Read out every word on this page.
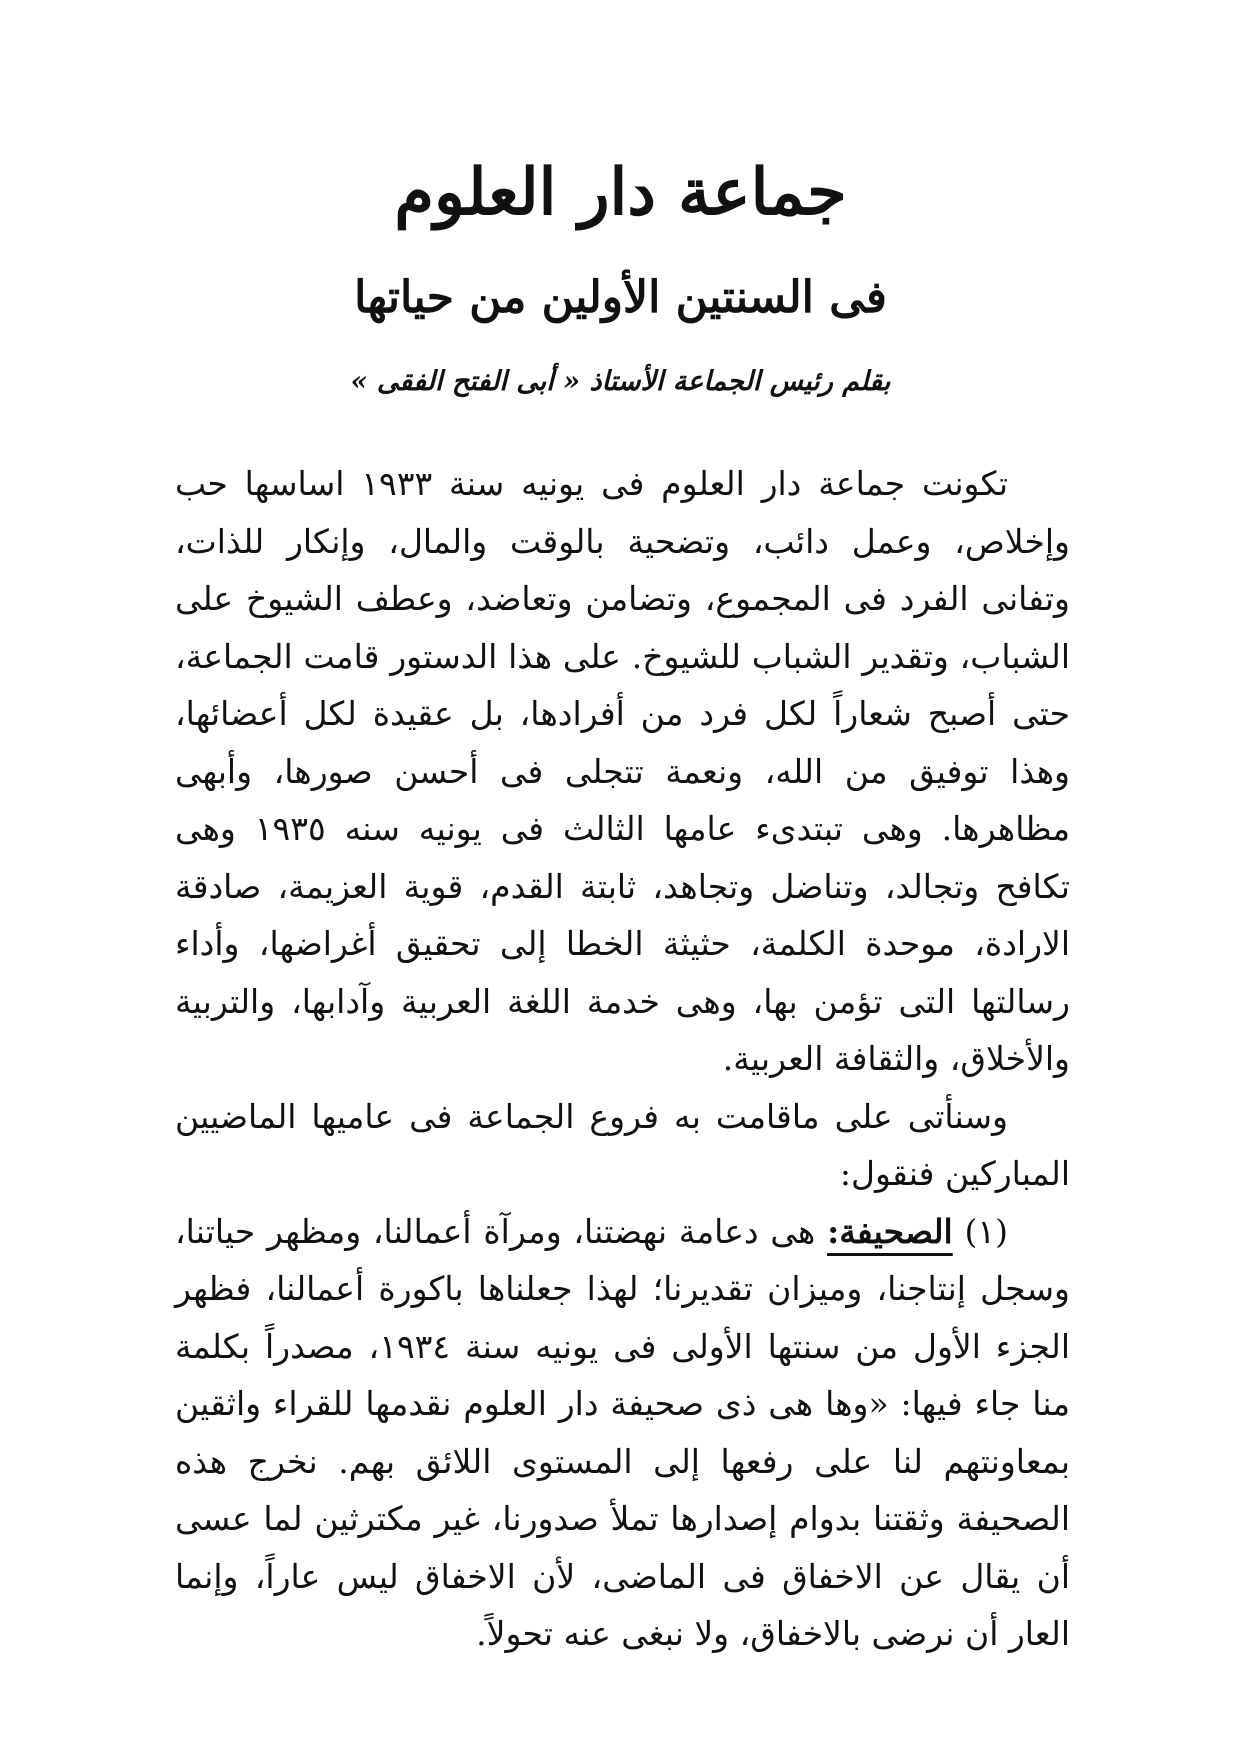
جماعة دار العلوم
فى السنتين الأولين من حياتها
بقلم رئيس الجماعة الأستاذ « أبى الفتح الفقى »

تكونت جماعة دار العلوم فى يونيه سنة ١٩٣٣ اساسها حب وإخلاص، وعمل دائب، وتضحية بالوقت والمال، وإنكار للذات، وتفانى الفرد فى المجموع، وتضامن وتعاضد، وعطف الشيوخ على الشباب، وتقدير الشباب للشيوخ. على هذا الدستور قامت الجماعة، حتى أصبح شعاراً لكل فرد من أفرادها، بل عقيدة لكل أعضائها، وهذا توفيق من الله، ونعمة تتجلى فى أحسن صورها، وأبهى مظاهرها. وهى تبتدىء عامها الثالث فى يونيه سنه ١٩٣٥ وهى تكافح وتجالد، وتناضل وتجاهد، ثابتة القدم، قوية العزيمة، صادقة الارادة، موحدة الكلمة، حثيثة الخطا إلى تحقيق أغراضها، وأداء رسالتها التى تؤمن بها، وهى خدمة اللغة العربية وآدابها، والتربية والأخلاق، والثقافة العربية.

وسنأتى على ماقامت به فروع الجماعة فى عاميها الماضيين المباركين فنقول:

(١) الصحيفة: هى دعامة نهضتنا، ومرآة أعمالنا، ومظهر حياتنا، وسجل إنتاجنا، وميزان تقديرنا؛ لهذا جعلناها باكورة أعمالنا، فظهر الجزء الأول من سنتها الأولى فى يونيه سنة ١٩٣٤، مصدراً بكلمة منا جاء فيها: «وها هى ذى صحيفة دار العلوم نقدمها للقراء واثقين بمعاونتهم لنا على رفعها إلى المستوى اللائق بهم. نخرج هذه الصحيفة وثقتنا بدوام إصدارها تملأ صدورنا، غير مكترثين لما عسى أن يقال عن الاخفاق فى الماضى، لأن الاخفاق ليس عاراً، وإنما العار أن نرضى بالاخفاق، ولا نبغى عنه تحولاً.
